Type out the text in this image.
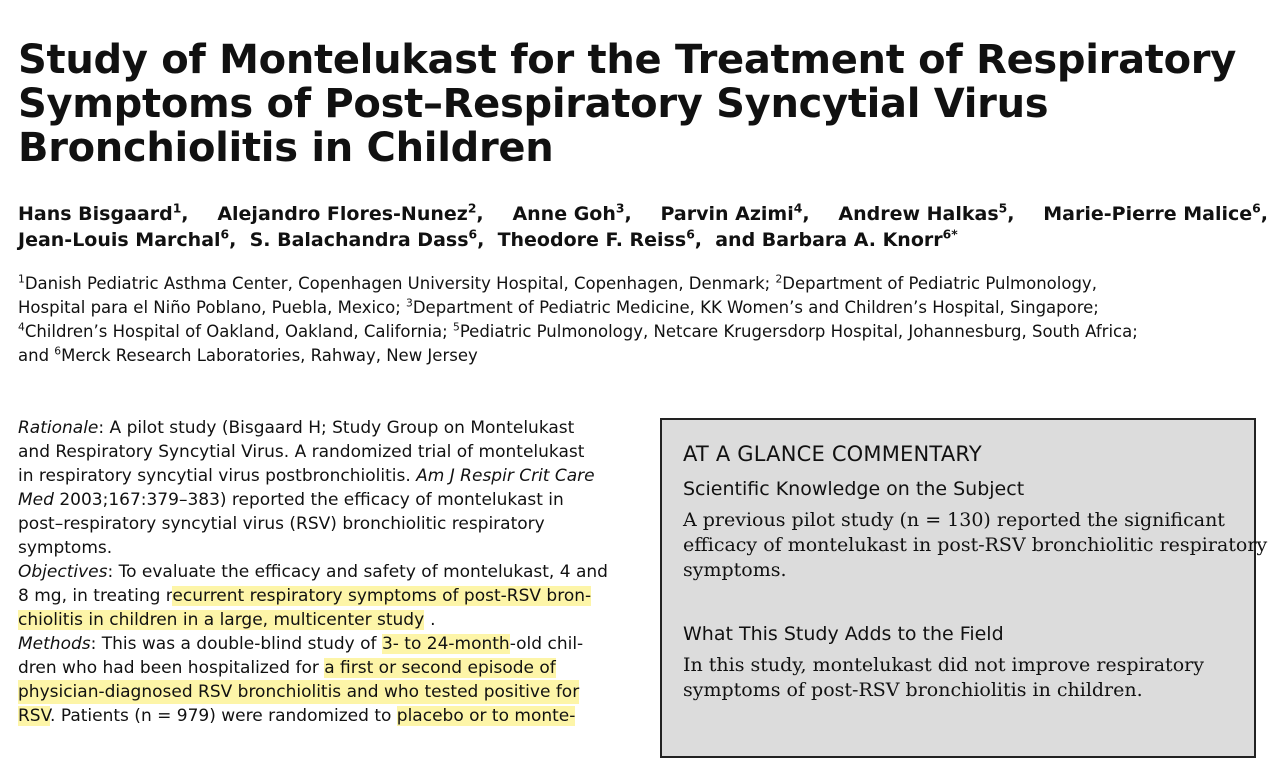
Study of Montelukast for the Treatment of Respiratory
Symptoms of Post–Respiratory Syncytial Virus
Bronchiolitis in Children
Hans Bisgaard$^1$, Alejandro Flores-Nunez$^2$, Anne Goh$^3$, Parvin Azimi$^4$, Andrew Halkas$^5$, Marie-Pierre Malice$^6$,
Jean-Louis Marchal$^6$, S. Balachandra Dass$^6$, Theodore F. Reiss$^6$, and Barbara A. Knorr$^{6*}$
$^1$Danish Pediatric Asthma Center, Copenhagen University Hospital, Copenhagen, Denmark; $^2$Department of Pediatric Pulmonology,
Hospital para el Niño Poblano, Puebla, Mexico; $^3$Department of Pediatric Medicine, KK Women’s and Children’s Hospital, Singapore;
$^4$Children’s Hospital of Oakland, Oakland, California; $^5$Pediatric Pulmonology, Netcare Krugersdorp Hospital, Johannesburg, South Africa;
and $^6$Merck Research Laboratories, Rahway, New Jersey
Rationale: A pilot study (Bisgaard H; Study Group on Montelukast
and Respiratory Syncytial Virus. A randomized trial of montelukast
in respiratory syncytial virus postbronchiolitis. Am J Respir Crit Care
Med 2003;167:379–383) reported the efficacy of montelukast in
post–respiratory syncytial virus (RSV) bronchiolitic respiratory
symptoms.
Objectives: To evaluate the efficacy and safety of montelukast, 4 and
8 mg, in treating recurrent respiratory symptoms of post-RSV bron-
chiolitis in children in a large, multicenter study .
Methods: This was a double-blind study of 3- to 24-month-old chil-
dren who had been hospitalized for a first or second episode of
physician-diagnosed RSV bronchiolitis and who tested positive for
RSV. Patients (n = 979) were randomized to placebo or to monte-
AT A GLANCE COMMENTARY
Scientific Knowledge on the Subject
A previous pilot study (n = 130) reported the significant
efficacy of montelukast in post-RSV bronchiolitic respiratory
symptoms.
What This Study Adds to the Field
In this study, montelukast did not improve respiratory
symptoms of post-RSV bronchiolitis in children.
